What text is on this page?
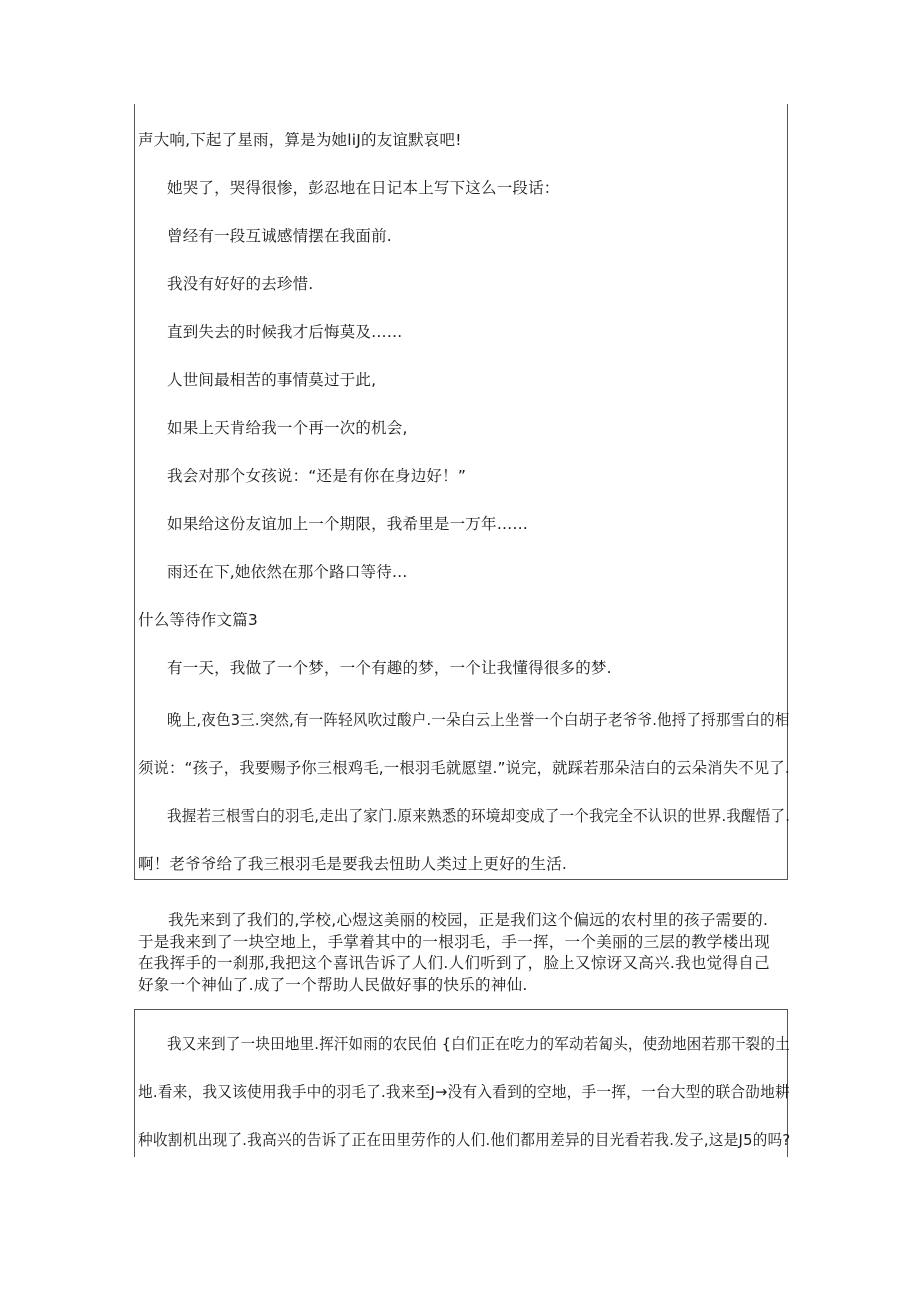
声大响,下起了星雨，算是为她lіJ的友谊默哀吧!
她哭了，哭得很惨，彭忍地在日记本上写下这么一段话：
曾经有一段互诚感情摆在我面前.
我没有好好的去珍惜.
直到失去的时候我才后悔莫及……
人世间最相苦的事情莫过于此,
如果上天肯给我一个再一次的机会,
我会对那个女孩说：“还是有你在身边好！”
如果给这份友谊加上一个期限，我希里是一万年……
雨还在下,她依然在那个路口等待…
什么等待作文篇3
有一天，我做了一个梦，一个有趣的梦，一个让我懂得很多的梦.
晚上,夜色3三.突然,有一阵轻风吹过酸户.一朵白云上坐誉一个白胡子老爷爷.他捋了捋那雪白的相
须说：“孩子，我要赐予你三根鸡毛,一根羽毛就愿望.”说完，就踩若那朵洁白的云朵消失不见了.
我握若三根雪白的羽毛,走出了家门.原来熟悉的环境却变成了一个我完全不认识的世界.我醒悟了.
啊！老爷爷给了我三根羽毛是要我去忸助人类过上更好的生活.

我先来到了我们的,学校,心煜这美丽的校园，正是我们这个偏远的农村里的孩子需要的.于是我来到了一块空地上，手掌着其中的一根羽毛，手一挥，一个美丽的三层的教学楼出现在我挥手的一刹那,我把这个喜讯告诉了人们.人们听到了，脸上又惊讶又高兴.我也觉得自己好象一个神仙了.成了一个帮助人民做好事的快乐的神仙.

我又来到了一块田地里.挥汗如雨的农民伯 {白们正在吃力的军动若匐头，使劲地困若那干裂的土
地.看来，我又该使用我手中的羽毛了.我来至J→没有入看到的空地，手一挥，一台大型的联合劭地耕
种收割机出现了.我高兴的告诉了正在田里劳作的人们.他们都用差异的目光看若我.发子,这是J5的吗?
